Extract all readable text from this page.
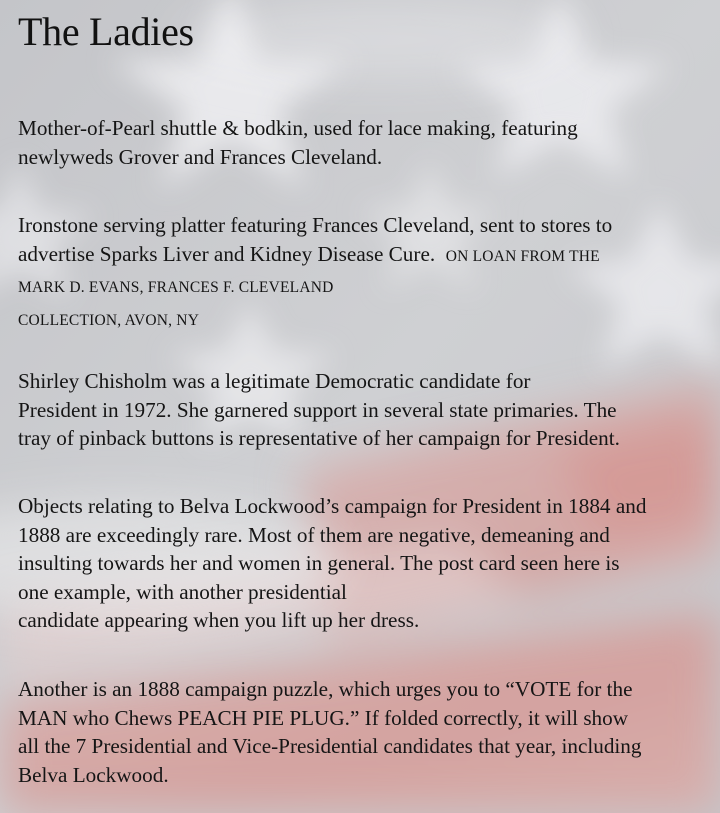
The Ladies

Mother-of-Pearl shuttle & bodkin, used for lace making, featuring
newlyweds Grover and Frances Cleveland.

Ironstone serving platter featuring Frances Cleveland, sent to stores to
advertise Sparks Liver and Kidney Disease Cure. ON LOAN FROM THE
MARK D. EVANS, FRANCES F. CLEVELAND
COLLECTION, AVON, NY

Shirley Chisholm was a legitimate Democratic candidate for
President in 1972. She garnered support in several state primaries. The
tray of pinback buttons is representative of her campaign for President.

Objects relating to Belva Lockwood’s campaign for President in 1884 and
1888 are exceedingly rare. Most of them are negative, demeaning and
insulting towards her and women in general. The post card seen here is
one example, with another presidential
candidate appearing when you lift up her dress.

Another is an 1888 campaign puzzle, which urges you to “VOTE for the
MAN who Chews PEACH PIE PLUG.” If folded correctly, it will show
all the 7 Presidential and Vice-Presidential candidates that year, including
Belva Lockwood.
